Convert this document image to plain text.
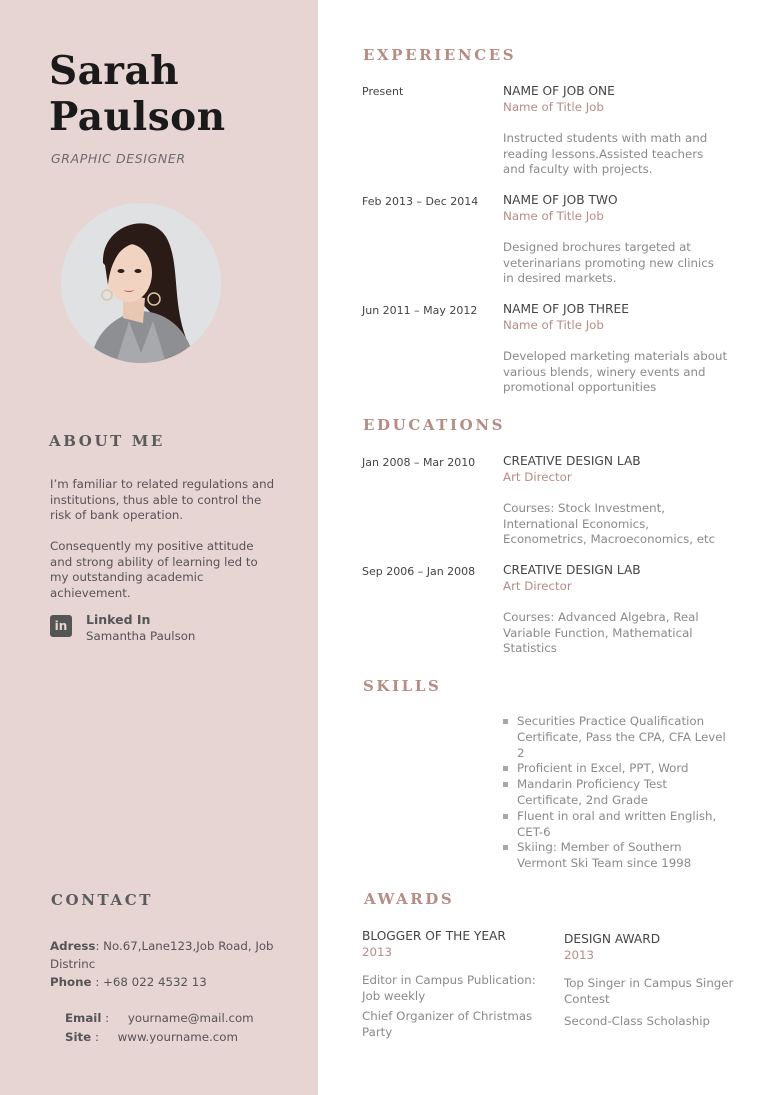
Sarah
Paulson
GRAPHIC DESIGNER
ABOUT ME
I’m familiar to related regulations and institutions, thus able to control the risk of bank operation.
Consequently my positive attitude and strong ability of learning led to my outstanding academic achievement.
in	Linked In
Samantha Paulson
CONTACT
Adress: No.67,Lane123,Job Road, Job Distrinc
Phone : +68 022 4532 13

Email :     yourname@mail.com

Site :     www.yourname.com

EXPERIENCES
Present	NAME OF JOB ONE
Name of Title Job
Instructed students with math and reading lessons.Assisted teachers and faculty with projects.
Feb 2013 – Dec 2014 NAME OF JOB TWO
Name of Title Job
Designed brochures targeted at veterinarians promoting new clinics in desired markets.
Jun 2011 – May 2012 NAME OF JOB THREE
Name of Title Job
Developed marketing materials about various blends, winery events and promotional opportunities
EDUCATIONS
Jan 2008 – Mar 2010 CREATIVE DESIGN LAB
Art Director
Courses: Stock Investment, International Economics, Econometrics, Macroeconomics, etc
Sep 2006 – Jan 2008 CREATIVE DESIGN LAB
Art Director
Courses: Advanced Algebra, Real Variable Function, Mathematical Statistics
SKILLS
Securities Practice Qualification Certificate, Pass the CPA, CFA Level 2
Proficient in Excel, PPT, Word
Mandarin Proficiency Test Certificate, 2nd Grade
Fluent in oral and written English, CET-6
Skiing: Member of Southern Vermont Ski Team since 1998
AWARDS
BLOGGER OF THE YEAR
2013
Editor in Campus Publication: Job weekly
Chief Organizer of Christmas Party
DESIGN AWARD
2013
Top Singer in Campus Singer Contest
Second-Class Scholaship
